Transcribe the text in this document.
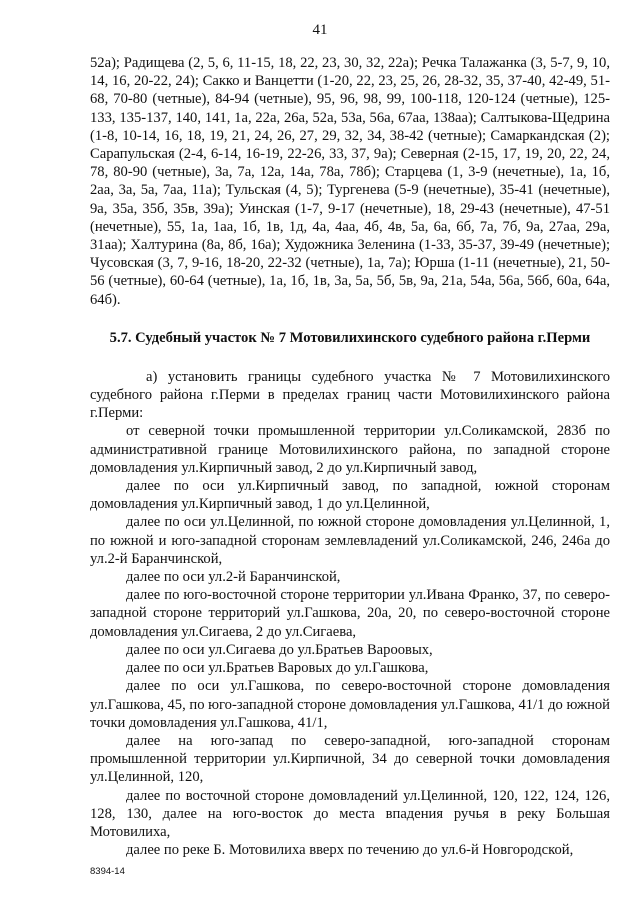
41

52а); Радищева (2, 5, 6, 11-15, 18, 22, 23, 30, 32, 22а); Речка Талажанка (3, 5-7, 9, 10, 14, 16, 20-22, 24); Сакко и Ванцетти (1-20, 22, 23, 25, 26, 28-32, 35, 37-40, 42-49, 51-68, 70-80 (четные), 84-94 (четные), 95, 96, 98, 99, 100-118, 120-124 (четные), 125-133, 135-137, 140, 141, 1а, 22а, 26а, 52а, 53а, 56а, 67аа, 138аа); Салтыкова-Щедрина (1-8, 10-14, 16, 18, 19, 21, 24, 26, 27, 29, 32, 34, 38-42 (четные); Самаркандская (2); Сарапульская (2-4, 6-14, 16-19, 22-26, 33, 37, 9а); Северная (2-15, 17, 19, 20, 22, 24, 78, 80-90 (четные), 3а, 7а, 12а, 14а, 78а, 78б); Старцева (1, 3-9 (нечетные), 1а, 1б, 2аа, 3а, 5а, 7аа, 11а); Тульская (4, 5); Тургенева (5-9 (нечетные), 35-41 (нечетные), 9а, 35а, 35б, 35в, 39а); Уинская (1-7, 9-17 (нечетные), 18, 29-43 (нечетные), 47-51 (нечетные), 55, 1а, 1аа, 1б, 1в, 1д, 4а, 4аа, 4б, 4в, 5а, 6а, 6б, 7а, 7б, 9а, 27аа, 29а, 31аа); Халтурина (8а, 8б, 16а); Художника Зеленина (1-33, 35-37, 39-49 (нечетные); Чусовская (3, 7, 9-16, 18-20, 22-32 (четные), 1а, 7а); Юрша (1-11 (нечетные), 21, 50-56 (четные), 60-64 (четные), 1а, 1б, 1в, 3а, 5а, 5б, 5в, 9а, 21а, 54а, 56а, 56б, 60а, 64а, 64б).

5.7. Судебный участок № 7 Мотовилихинского судебного района г.Перми

а) установить границы судебного участка № 7 Мотовилихинского судебного района г.Перми в пределах границ части Мотовилихинского района г.Перми:

от северной точки промышленной территории ул.Соликамской, 283б по административной границе Мотовилихинского района, по западной стороне домовладения ул.Кирпичный завод, 2 до ул.Кирпичный завод,

далее по оси ул.Кирпичный завод, по западной, южной сторонам домовладения ул.Кирпичный завод, 1 до ул.Целинной,

далее по оси ул.Целинной, по южной стороне домовладения ул.Целинной, 1, по южной и юго-западной сторонам землевладений ул.Соликамской, 246, 246а до ул.2-й Баранчинской,

далее по оси ул.2-й Баранчинской,

далее по юго-восточной стороне территории ул.Ивана Франко, 37, по северо-западной стороне территорий ул.Гашкова, 20а, 20, по северо-восточной стороне домовладения ул.Сигаева, 2 до ул.Сигаева,

далее по оси ул.Сигаева до ул.Братьев Вароовых,

далее по оси ул.Братьев Варовых до ул.Гашкова,

далее по оси ул.Гашкова, по северо-восточной стороне домовладения ул.Гашкова, 45, по юго-западной стороне домовладения ул.Гашкова, 41/1 до южной точки домовладения ул.Гашкова, 41/1,

далее на юго-запад по северо-западной, юго-западной сторонам промышленной территории ул.Кирпичной, 34 до северной точки домовладения ул.Целинной, 120,

далее по восточной стороне домовладений ул.Целинной, 120, 122, 124, 126, 128, 130, далее на юго-восток до места впадения ручья в реку Большая Мотовилиха,

далее по реке Б. Мотовилиха вверх по течению до ул.6-й Новгородской,

8394-14
